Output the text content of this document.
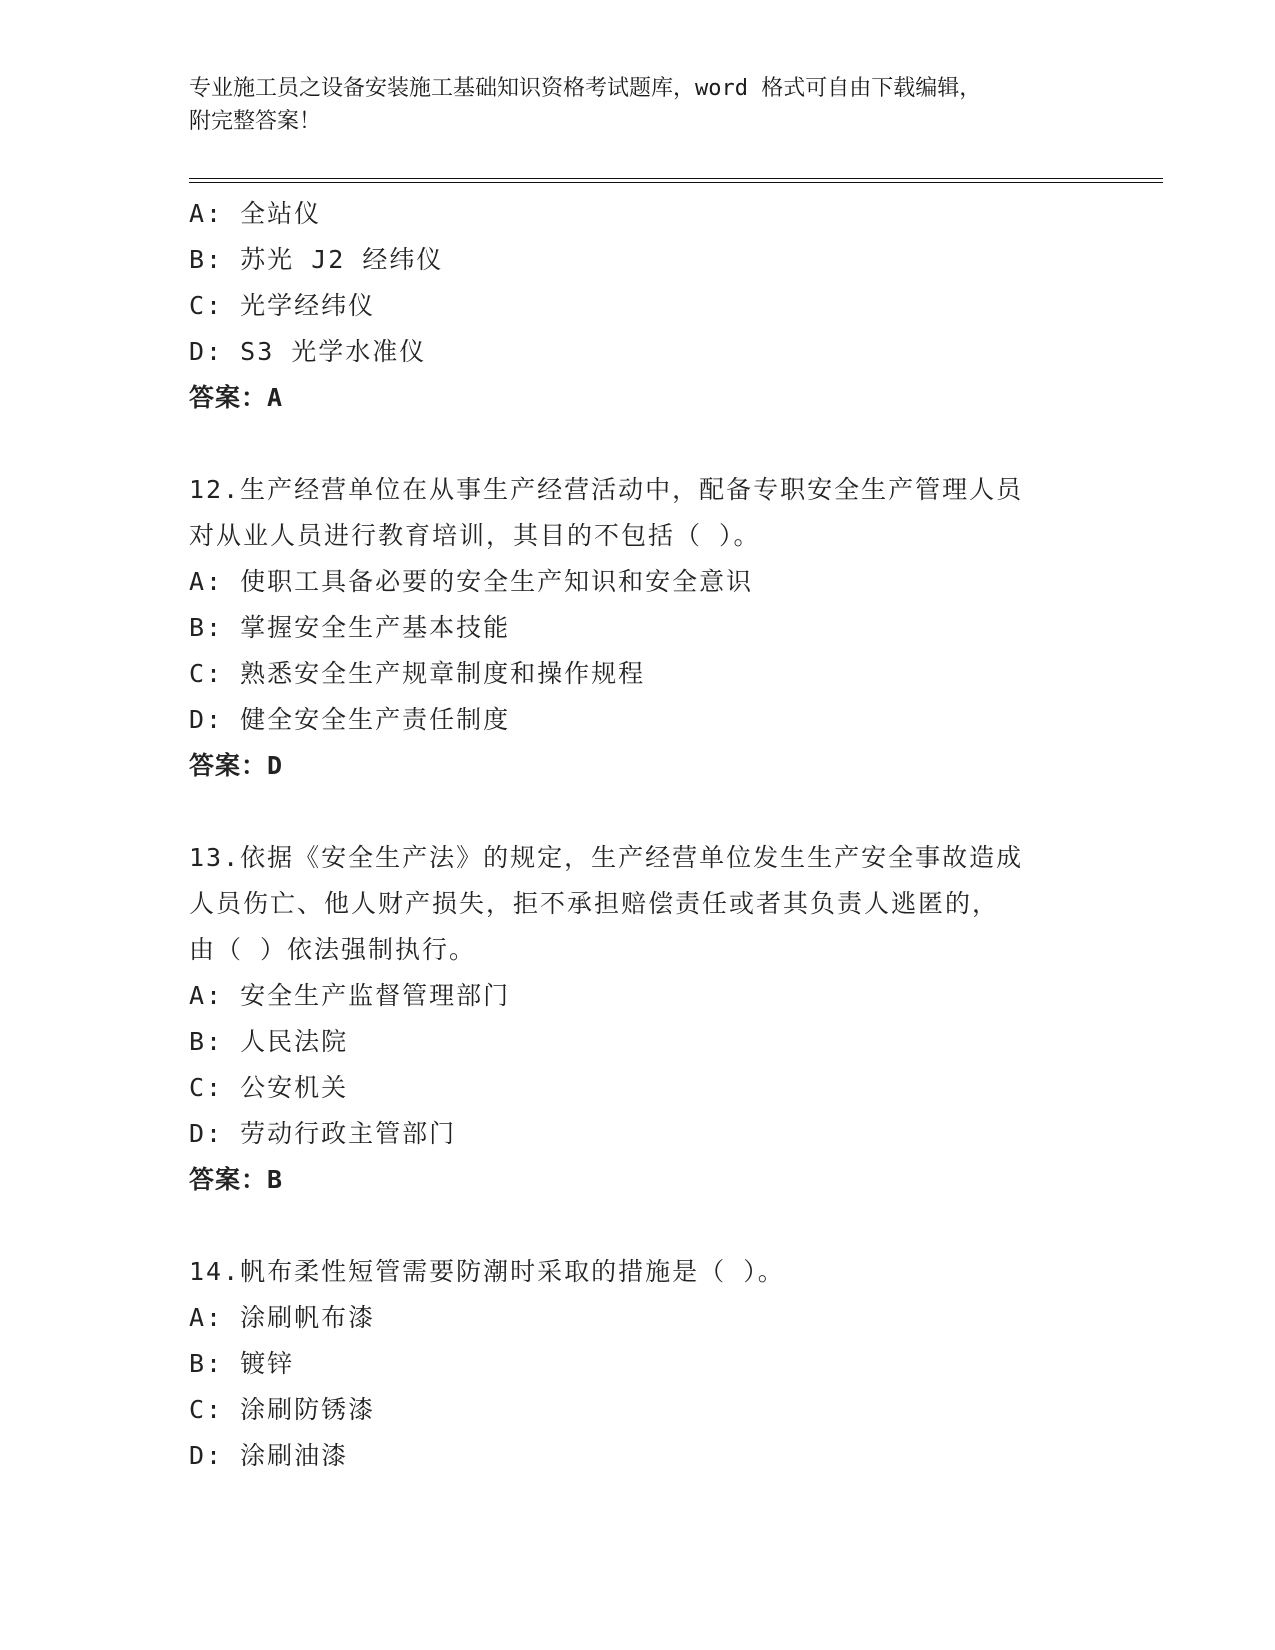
专业施工员之设备安装施工基础知识资格考试题库，word 格式可自由下载编辑，
附完整答案！
A: 全站仪
B: 苏光 J2 经纬仪
C: 光学经纬仪
D: S3 光学水准仪
答案：A
12.生产经营单位在从事生产经营活动中，配备专职安全生产管理人员
对从业人员进行教育培训，其目的不包括（ ）。
A: 使职工具备必要的安全生产知识和安全意识
B: 掌握安全生产基本技能
C: 熟悉安全生产规章制度和操作规程
D: 健全安全生产责任制度
答案：D
13.依据《安全生产法》的规定，生产经营单位发生生产安全事故造成
人员伤亡、他人财产损失，拒不承担赔偿责任或者其负责人逃匿的，
由（ ）依法强制执行。
A: 安全生产监督管理部门
B: 人民法院
C: 公安机关
D: 劳动行政主管部门
答案：B
14.帆布柔性短管需要防潮时采取的措施是（ ）。
A: 涂刷帆布漆
B: 镀锌
C: 涂刷防锈漆
D: 涂刷油漆
